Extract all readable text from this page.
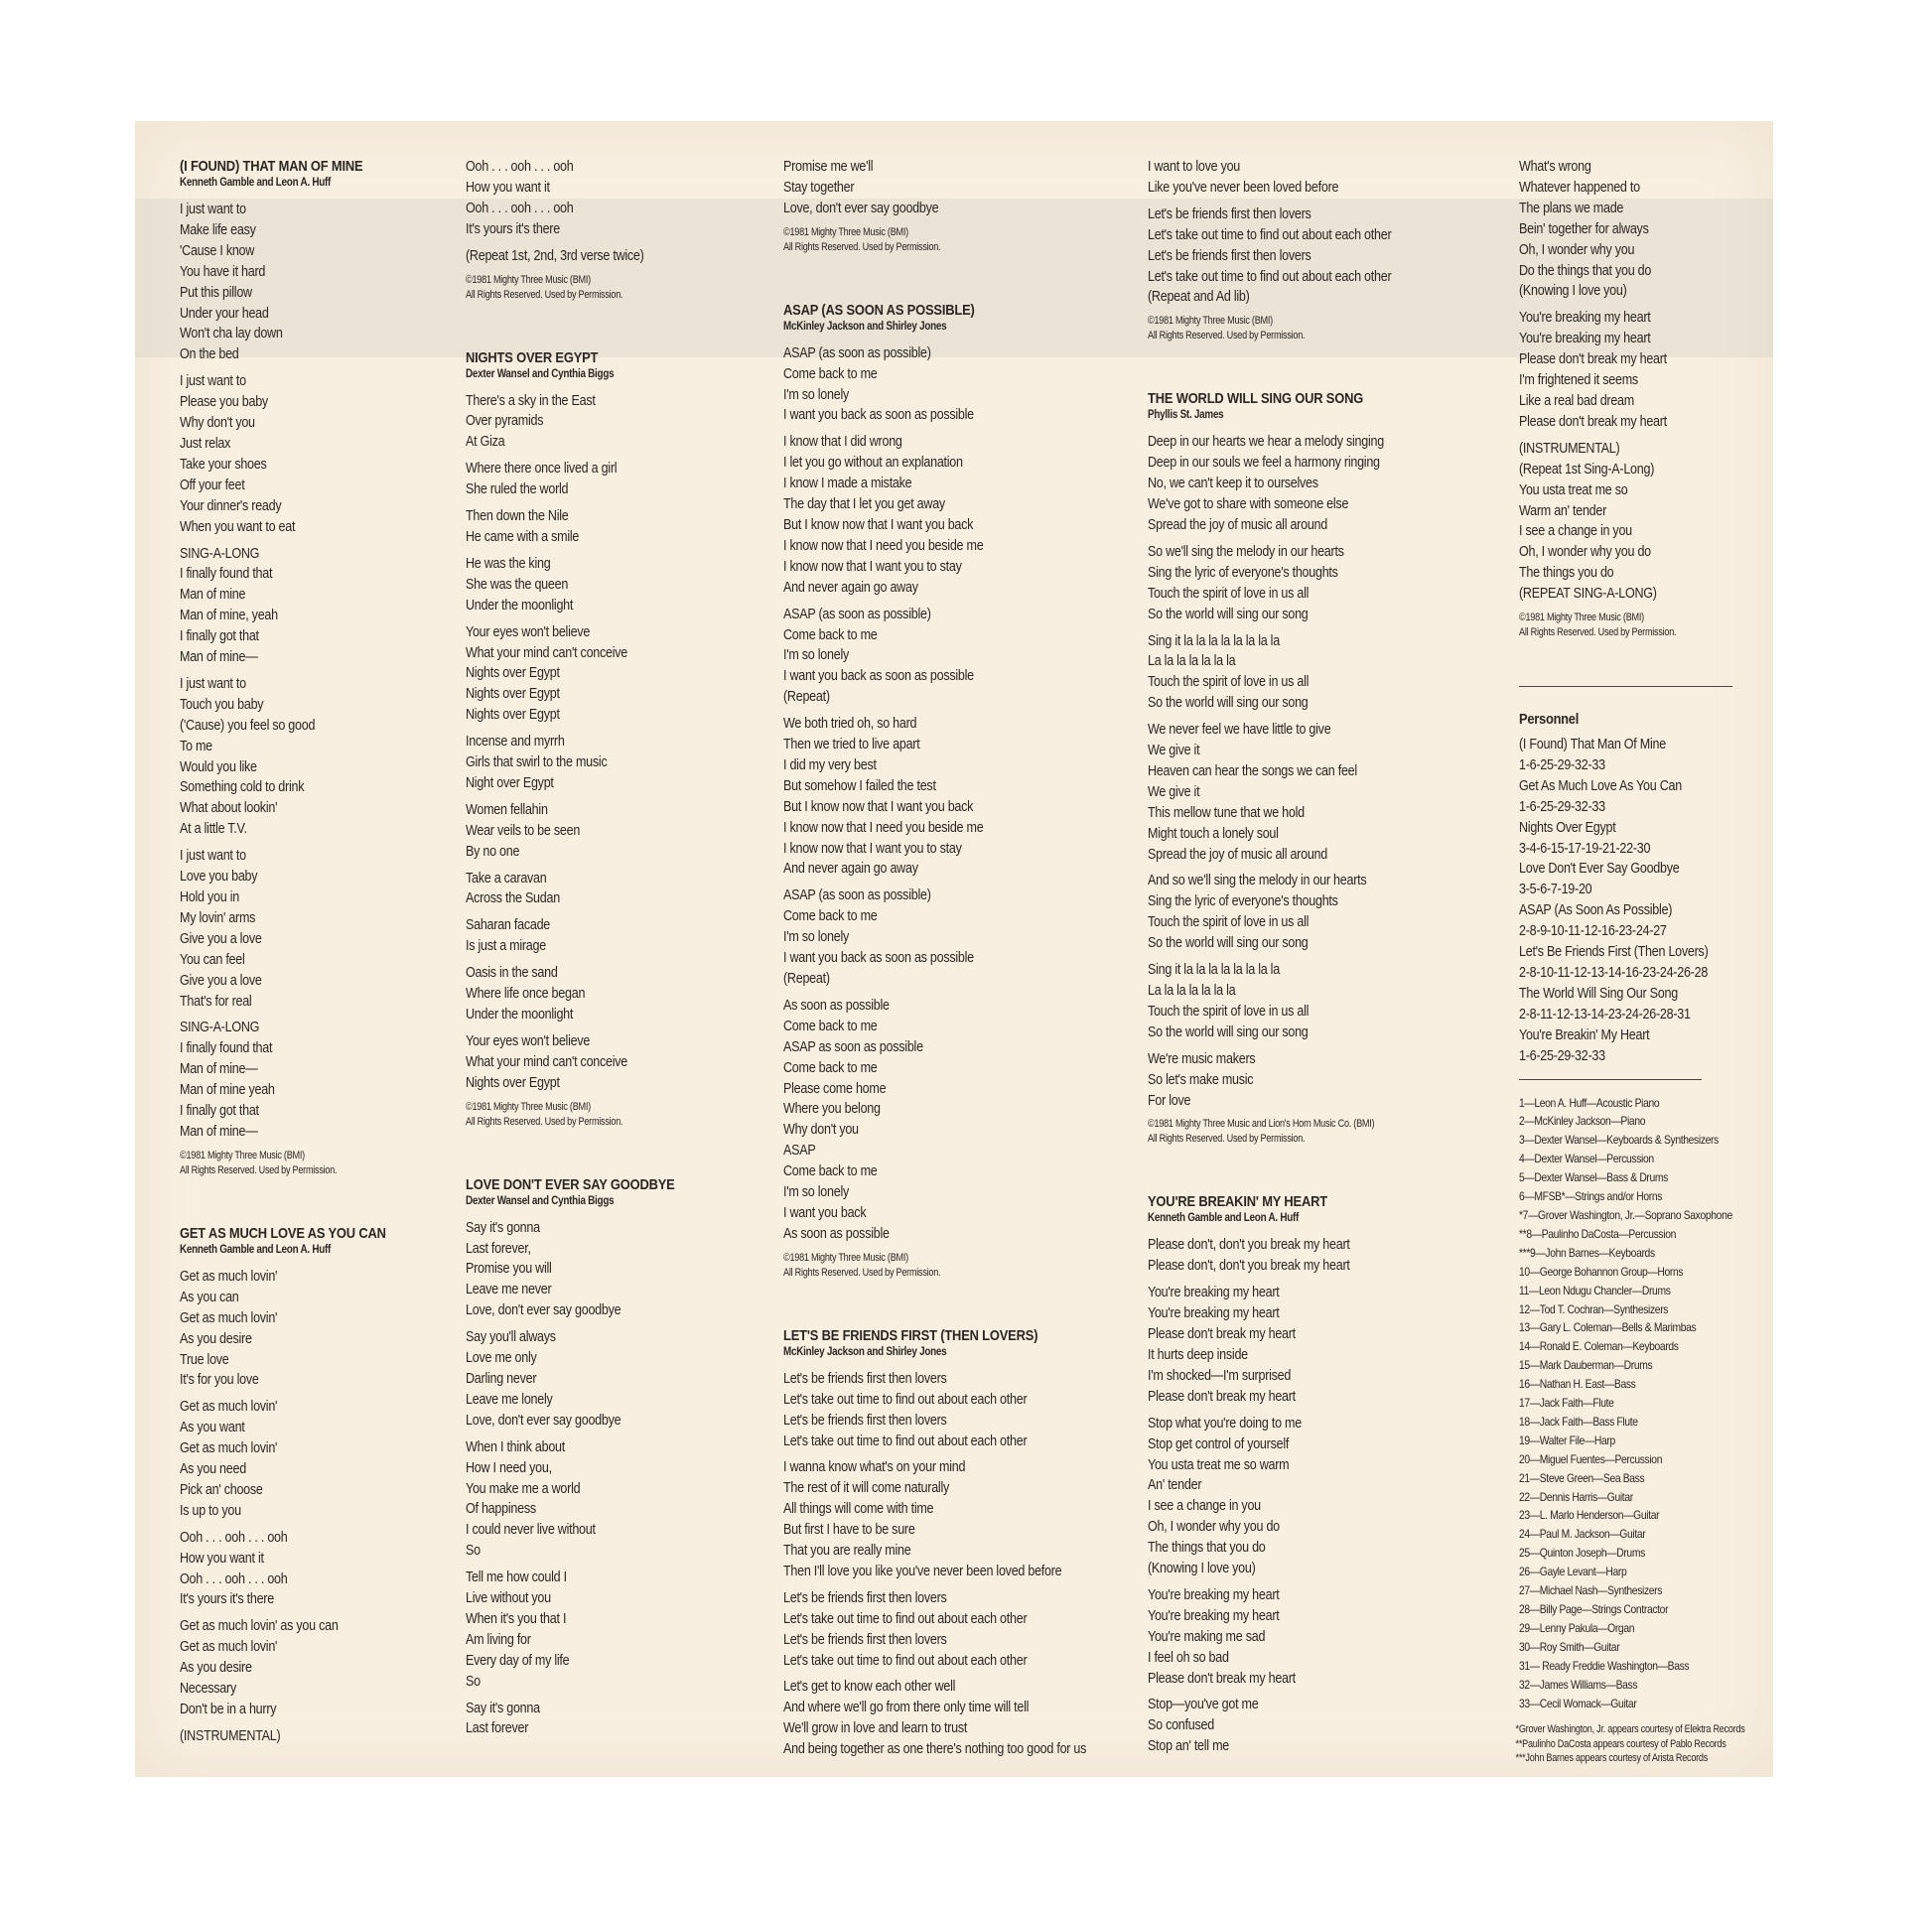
(I FOUND) THAT MAN OF MINE
Kenneth Gamble and Leon A. Huff
I just want to
Make life easy
'Cause I know
You have it hard
Put this pillow
Under your head
Won't cha lay down
On the bed
I just want to
Please you baby
Why don't you
Just relax
Take your shoes
Off your feet
Your dinner's ready
When you want to eat
SING-A-LONG
I finally found that
Man of mine
Man of mine, yeah
I finally got that
Man of mine—
I just want to
Touch you baby
('Cause) you feel so good
To me
Would you like
Something cold to drink
What about lookin'
At a little T.V.
I just want to
Love you baby
Hold you in
My lovin' arms
Give you a love
You can feel
Give you a love
That's for real
SING-A-LONG
I finally found that
Man of mine—
Man of mine yeah
I finally got that
Man of mine—
©1981 Mighty Three Music (BMI)
All Rights Reserved. Used by Permission.
GET AS MUCH LOVE AS YOU CAN
Kenneth Gamble and Leon A. Huff
Get as much lovin'
As you can
Get as much lovin'
As you desire
True love
It's for you love
Get as much lovin'
As you want
Get as much lovin'
As you need
Pick an' choose
Is up to you
Ooh . . . ooh . . . ooh
How you want it
Ooh . . . ooh . . . ooh
It's yours it's there
Get as much lovin' as you can
Get as much lovin'
As you desire
Necessary
Don't be in a hurry
(INSTRUMENTAL)
Ooh . . . ooh . . . ooh
How you want it
Ooh . . . ooh . . . ooh
It's yours it's there
(Repeat 1st, 2nd, 3rd verse twice)
©1981 Mighty Three Music (BMI)
All Rights Reserved. Used by Permission.
NIGHTS OVER EGYPT
Dexter Wansel and Cynthia Biggs
There's a sky in the East
Over pyramids
At Giza
Where there once lived a girl
She ruled the world
Then down the Nile
He came with a smile
He was the king
She was the queen
Under the moonlight
Your eyes won't believe
What your mind can't conceive
Nights over Egypt
Nights over Egypt
Nights over Egypt
Incense and myrrh
Girls that swirl to the music
Night over Egypt
Women fellahin
Wear veils to be seen
By no one
Take a caravan
Across the Sudan
Saharan facade
Is just a mirage
Oasis in the sand
Where life once began
Under the moonlight
Your eyes won't believe
What your mind can't conceive
Nights over Egypt
©1981 Mighty Three Music (BMI)
All Rights Reserved. Used by Permission.
LOVE DON'T EVER SAY GOODBYE
Dexter Wansel and Cynthia Biggs
Say it's gonna
Last forever,
Promise you will
Leave me never
Love, don't ever say goodbye
Say you'll always
Love me only
Darling never
Leave me lonely
Love, don't ever say goodbye
When I think about
How I need you,
You make me a world
Of happiness
I could never live without
So
Tell me how could I
Live without you
When it's you that I
Am living for
Every day of my life
So
Say it's gonna
Last forever
Promise me we'll
Stay together
Love, don't ever say goodbye
©1981 Mighty Three Music (BMI)
All Rights Reserved. Used by Permission.
ASAP (AS SOON AS POSSIBLE)
McKinley Jackson and Shirley Jones
ASAP (as soon as possible)
Come back to me
I'm so lonely
I want you back as soon as possible
I know that I did wrong
I let you go without an explanation
I know I made a mistake
The day that I let you get away
But I know now that I want you back
I know now that I need you beside me
I know now that I want you to stay
And never again go away
ASAP (as soon as possible)
Come back to me
I'm so lonely
I want you back as soon as possible
(Repeat)
We both tried oh, so hard
Then we tried to live apart
I did my very best
But somehow I failed the test
But I know now that I want you back
I know now that I need you beside me
I know now that I want you to stay
And never again go away
ASAP (as soon as possible)
Come back to me
I'm so lonely
I want you back as soon as possible
(Repeat)
As soon as possible
Come back to me
ASAP as soon as possible
Come back to me
Please come home
Where you belong
Why don't you
ASAP
Come back to me
I'm so lonely
I want you back
As soon as possible
©1981 Mighty Three Music (BMI)
All Rights Reserved. Used by Permission.
LET'S BE FRIENDS FIRST (THEN LOVERS)
McKinley Jackson and Shirley Jones
Let's be friends first then lovers
Let's take out time to find out about each other
Let's be friends first then lovers
Let's take out time to find out about each other
I wanna know what's on your mind
The rest of it will come naturally
All things will come with time
But first I have to be sure
That you are really mine
Then I'll love you like you've never been loved before
Let's be friends first then lovers
Let's take out time to find out about each other
Let's be friends first then lovers
Let's take out time to find out about each other
Let's get to know each other well
And where we'll go from there only time will tell
We'll grow in love and learn to trust
And being together as one there's nothing too good for us
I want to love you
Like you've never been loved before
Let's be friends first then lovers
Let's take out time to find out about each other
Let's be friends first then lovers
Let's take out time to find out about each other
(Repeat and Ad lib)
©1981 Mighty Three Music (BMI)
All Rights Reserved. Used by Permission.
THE WORLD WILL SING OUR SONG
Phyllis St. James
Deep in our hearts we hear a melody singing
Deep in our souls we feel a harmony ringing
No, we can't keep it to ourselves
We've got to share with someone else
Spread the joy of music all around
So we'll sing the melody in our hearts
Sing the lyric of everyone's thoughts
Touch the spirit of love in us all
So the world will sing our song
Sing it la la la la la la la la
La la la la la la la
Touch the spirit of love in us all
So the world will sing our song
We never feel we have little to give
We give it
Heaven can hear the songs we can feel
We give it
This mellow tune that we hold
Might touch a lonely soul
Spread the joy of music all around
And so we'll sing the melody in our hearts
Sing the lyric of everyone's thoughts
Touch the spirit of love in us all
So the world will sing our song
Sing it la la la la la la la la
La la la la la la la
Touch the spirit of love in us all
So the world will sing our song
We're music makers
So let's make music
For love
©1981 Mighty Three Music and Lion's Horn Music Co. (BMI)
All Rights Reserved. Used by Permission.
YOU'RE BREAKIN' MY HEART
Kenneth Gamble and Leon A. Huff
Please don't, don't you break my heart
Please don't, don't you break my heart
You're breaking my heart
You're breaking my heart
Please don't break my heart
It hurts deep inside
I'm shocked—I'm surprised
Please don't break my heart
Stop what you're doing to me
Stop get control of yourself
You usta treat me so warm
An' tender
I see a change in you
Oh, I wonder why you do
The things that you do
(Knowing I love you)
You're breaking my heart
You're breaking my heart
You're making me sad
I feel oh so bad
Please don't break my heart
Stop—you've got me
So confused
Stop an' tell me
What's wrong
Whatever happened to
The plans we made
Bein' together for always
Oh, I wonder why you
Do the things that you do
(Knowing I love you)
You're breaking my heart
You're breaking my heart
Please don't break my heart
I'm frightened it seems
Like a real bad dream
Please don't break my heart
(INSTRUMENTAL)
(Repeat 1st Sing-A-Long)
You usta treat me so
Warm an' tender
I see a change in you
Oh, I wonder why you do
The things you do
(REPEAT SING-A-LONG)
©1981 Mighty Three Music (BMI)
All Rights Reserved. Used by Permission.
Personnel
(I Found) That Man Of Mine
1-6-25-29-32-33
Get As Much Love As You Can
1-6-25-29-32-33
Nights Over Egypt
3-4-6-15-17-19-21-22-30
Love Don't Ever Say Goodbye
3-5-6-7-19-20
ASAP (As Soon As Possible)
2-8-9-10-11-12-16-23-24-27
Let's Be Friends First (Then Lovers)
2-8-10-11-12-13-14-16-23-24-26-28
The World Will Sing Our Song
2-8-11-12-13-14-23-24-26-28-31
You're Breakin' My Heart
1-6-25-29-32-33
1—Leon A. Huff—Acoustic Piano
2—McKinley Jackson—Piano
3—Dexter Wansel—Keyboards & Synthesizers
4—Dexter Wansel—Percussion
5—Dexter Wansel—Bass & Drums
6—MFSB*—Strings and/or Horns
*7—Grover Washington, Jr.—Soprano Saxophone
**8—Paulinho DaCosta—Percussion
***9—John Barnes—Keyboards
10—George Bohannon Group—Horns
11—Leon Ndugu Chancler—Drums
12—Tod T. Cochran—Synthesizers
13—Gary L. Coleman—Bells & Marimbas
14—Ronald E. Coleman—Keyboards
15—Mark Dauberman—Drums
16—Nathan H. East—Bass
17—Jack Faith—Flute
18—Jack Faith—Bass Flute
19—Walter File—Harp
20—Miguel Fuentes—Percussion
21—Steve Green—Sea Bass
22—Dennis Harris—Guitar
23—L. Marlo Henderson—Guitar
24—Paul M. Jackson—Guitar
25—Quinton Joseph—Drums
26—Gayle Levant—Harp
27—Michael Nash—Synthesizers
28—Billy Page—Strings Contractor
29—Lenny Pakula—Organ
30—Roy Smith—Guitar
31— Ready Freddie Washington—Bass
32—James Williams—Bass
33—Cecil Womack—Guitar
*Grover Washington, Jr. appears courtesy of Elektra Records
**Paulinho DaCosta appears courtesy of Pablo Records
***John Barnes appears courtesy of Arista Records
